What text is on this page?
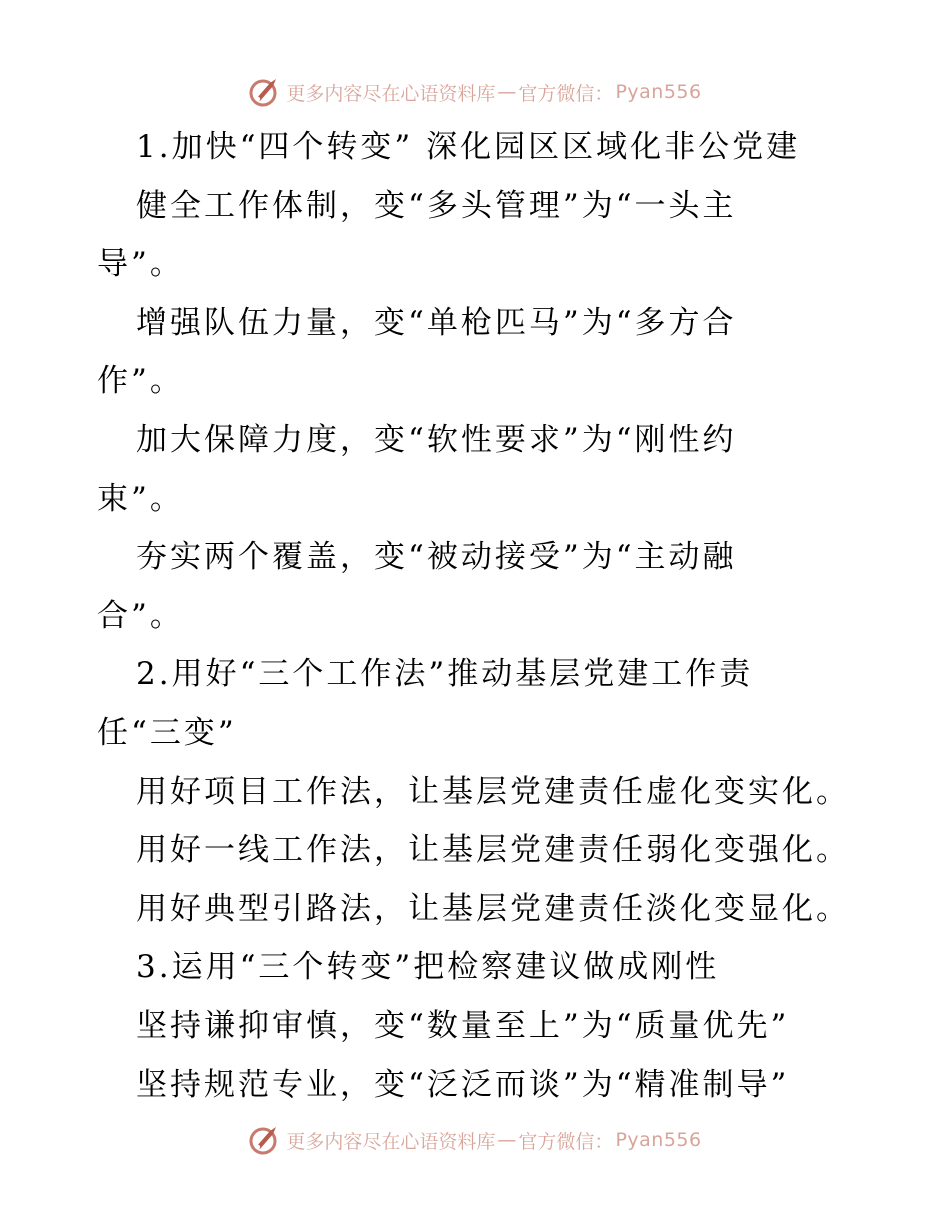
更多内容尽在心语资料库 — 官方微信： Pyan556
1.加快“四个转变” 深化园区区域化非公党建
健全工作体制，变“多头管理”为“一头主
导”。
增强队伍力量，变“单枪匹马”为“多方合
作”。
加大保障力度，变“软性要求”为“刚性约
束”。
夯实两个覆盖，变“被动接受”为“主动融
合”。
2.用好“三个工作法”推动基层党建工作责
任“三变”
用好项目工作法，让基层党建责任虚化变实化。
用好一线工作法，让基层党建责任弱化变强化。
用好典型引路法，让基层党建责任淡化变显化。
3.运用“三个转变”把检察建议做成刚性
坚持谦抑审慎，变“数量至上”为“质量优先”
坚持规范专业，变“泛泛而谈”为“精准制导”
更多内容尽在心语资料库 — 官方微信： Pyan556
